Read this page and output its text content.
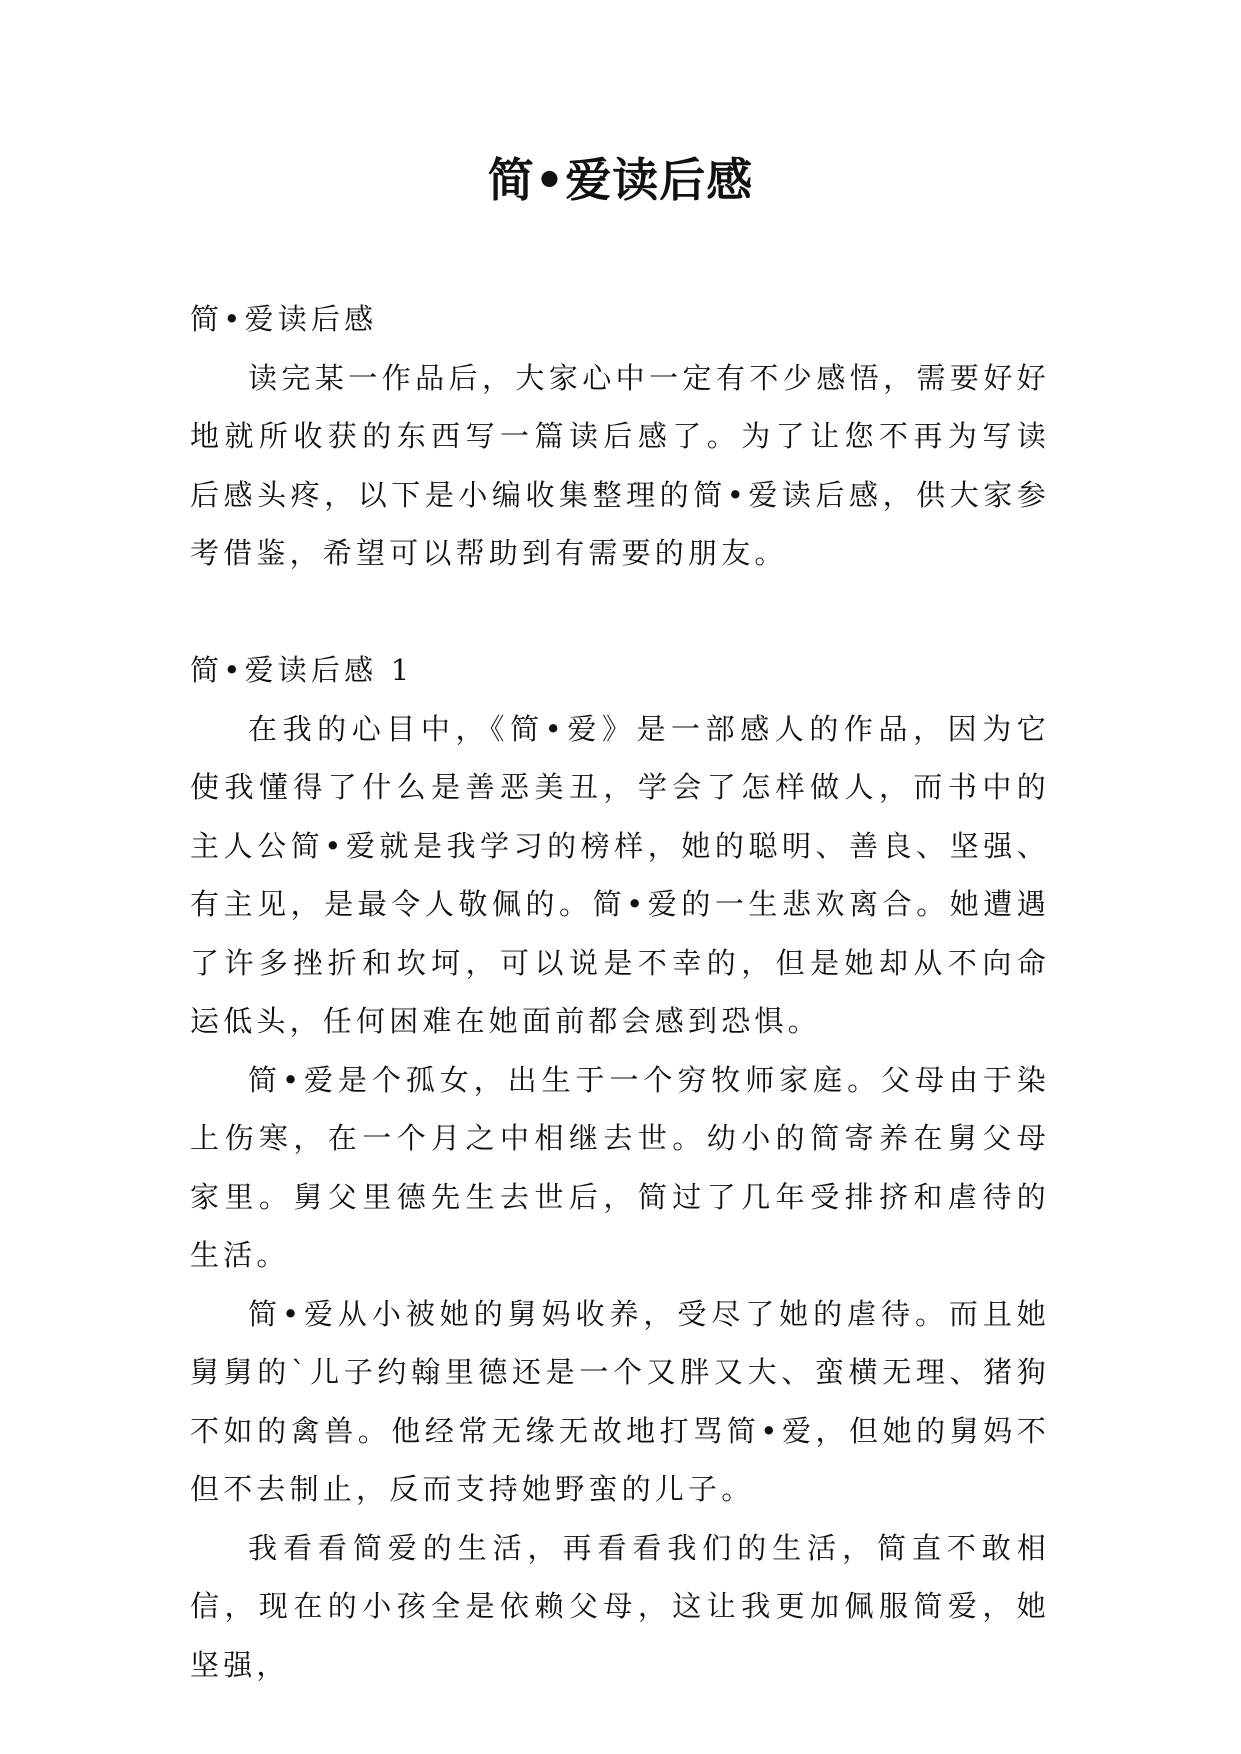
简•爱读后感

简•爱读后感

读完某一作品后，大家心中一定有不少感悟，需要好好地就所收获的东西写一篇读后感了。为了让您不再为写读后感头疼，以下是小编收集整理的简•爱读后感，供大家参考借鉴，希望可以帮助到有需要的朋友。

简•爱读后感 1

在我的心目中，《简•爱》是一部感人的作品，因为它使我懂得了什么是善恶美丑，学会了怎样做人，而书中的主人公简•爱就是我学习的榜样，她的聪明、善良、坚强、有主见，是最令人敬佩的。简•爱的一生悲欢离合。她遭遇了许多挫折和坎坷，可以说是不幸的，但是她却从不向命运低头，任何困难在她面前都会感到恐惧。

简•爱是个孤女，出生于一个穷牧师家庭。父母由于染上伤寒，在一个月之中相继去世。幼小的简寄养在舅父母家里。舅父里德先生去世后，简过了几年受排挤和虐待的生活。

简•爱从小被她的舅妈收养，受尽了她的虐待。而且她舅舅的`儿子约翰里德还是一个又胖又大、蛮横无理、猪狗不如的禽兽。他经常无缘无故地打骂简•爱，但她的舅妈不但不去制止，反而支持她野蛮的儿子。

我看看简爱的生活，再看看我们的生活，简直不敢相信，现在的小孩全是依赖父母，这让我更加佩服简爱，她坚强，
